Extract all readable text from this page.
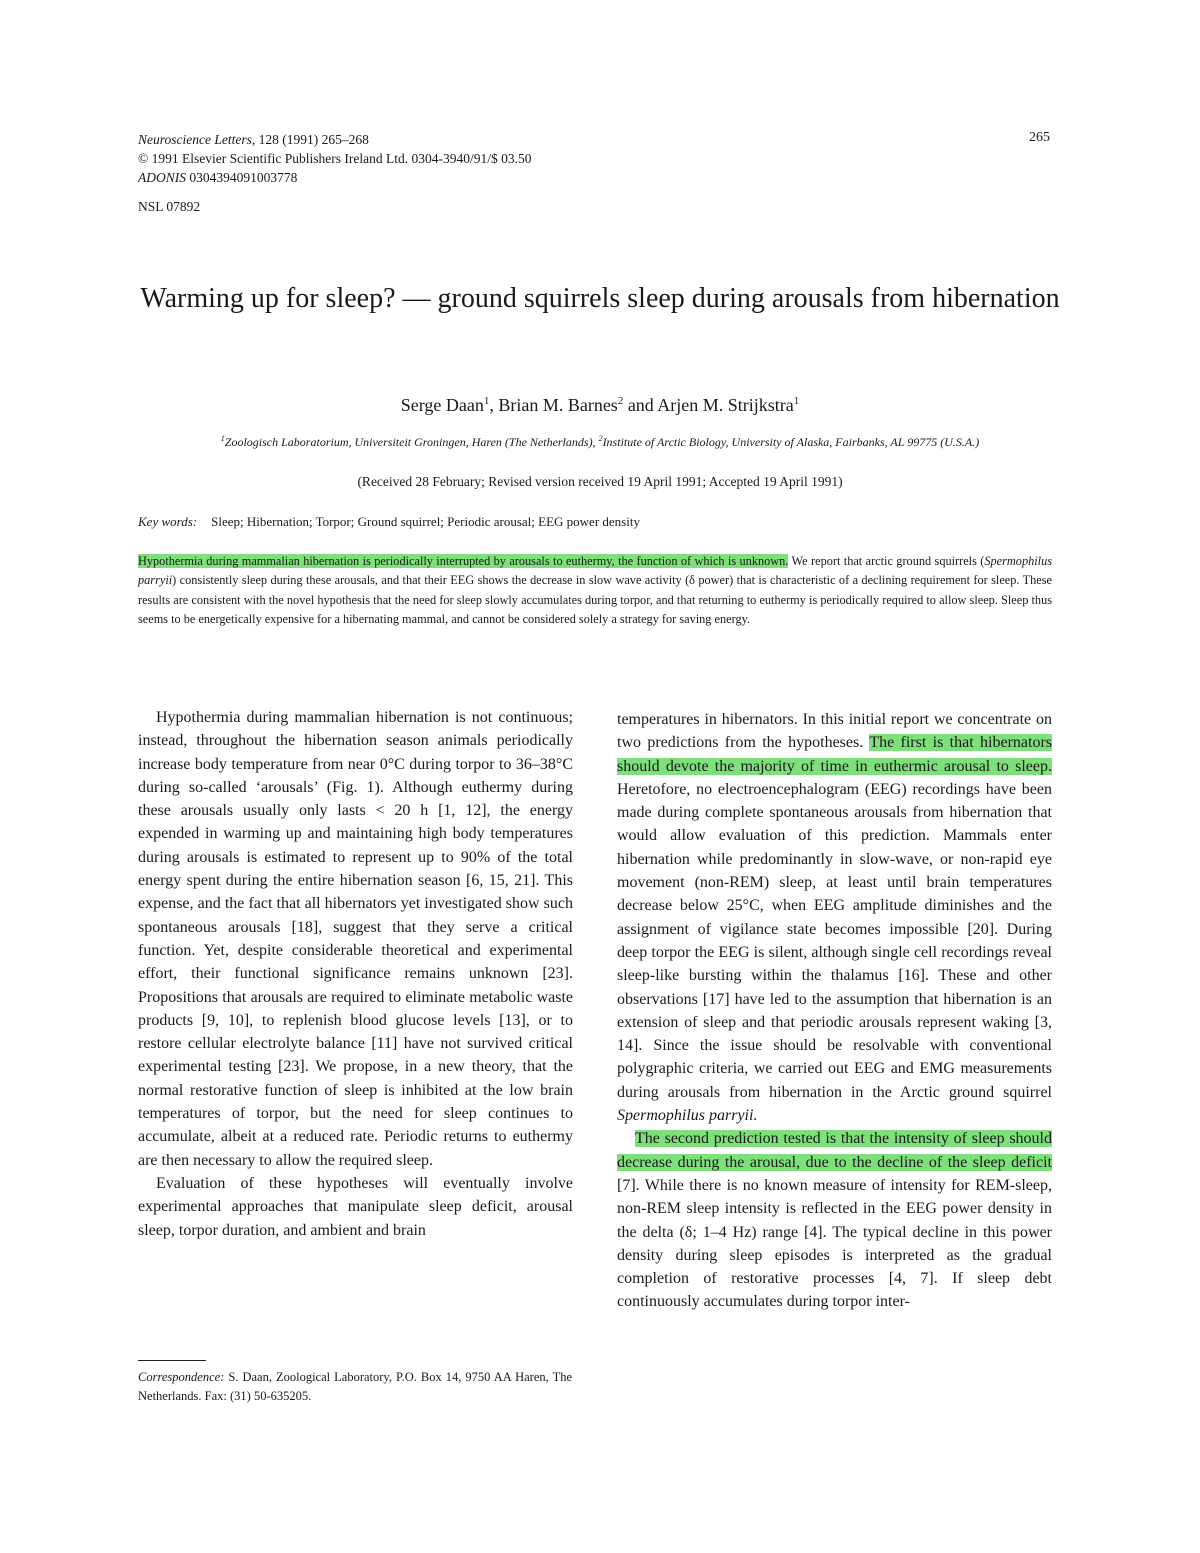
Neuroscience Letters, 128 (1991) 265–268
© 1991 Elsevier Scientific Publishers Ireland Ltd. 0304-3940/91/$ 03.50
ADONIS 0304394091003778
265
NSL 07892
Warming up for sleep? — ground squirrels sleep during arousals from hibernation
Serge Daan$^1$, Brian M. Barnes$^2$ and Arjen M. Strijkstra$^1$
$^1$Zoologisch Laboratorium, Universiteit Groningen, Haren (The Netherlands), $^2$Institute of Arctic Biology, University of Alaska, Fairbanks, AL 99775 (U.S.A.)
(Received 28 February; Revised version received 19 April 1991; Accepted 19 April 1991)
Key words: Sleep; Hibernation; Torpor; Ground squirrel; Periodic arousal; EEG power density
Hypothermia during mammalian hibernation is periodically interrupted by arousals to euthermy, the function of which is unknown. We report that arctic ground squirrels (Spermophilus parryii) consistently sleep during these arousals, and that their EEG shows the decrease in slow wave activity (δ power) that is characteristic of a declining requirement for sleep. These results are consistent with the novel hypothesis that the need for sleep slowly accumulates during torpor, and that returning to euthermy is periodically required to allow sleep. Sleep thus seems to be energetically expensive for a hibernating mammal, and cannot be considered solely a strategy for saving energy.

Hypothermia during mammalian hibernation is not continuous; instead, throughout the hibernation season animals periodically increase body temperature from near 0°C during torpor to 36–38°C during so-called ‘arousals’ (Fig. 1). Although euthermy during these arousals usually only lasts < 20 h [1, 12], the energy expended in warming up and maintaining high body temperatures during arousals is estimated to represent up to 90% of the total energy spent during the entire hibernation season [6, 15, 21]. This expense, and the fact that all hibernators yet investigated show such spontaneous arousals [18], suggest that they serve a critical function. Yet, despite considerable theoretical and experimental effort, their functional significance remains unknown [23]. Propositions that arousals are required to eliminate metabolic waste products [9, 10], to replenish blood glucose levels [13], or to restore cellular electrolyte balance [11] have not survived critical experimental testing [23]. We propose, in a new theory, that the normal restorative function of sleep is inhibited at the low brain temperatures of torpor, but the need for sleep continues to accumulate, albeit at a reduced rate. Periodic returns to euthermy are then necessary to allow the required sleep.

Evaluation of these hypotheses will eventually involve experimental approaches that manipulate sleep deficit, arousal sleep, torpor duration, and ambient and brain

temperatures in hibernators. In this initial report we concentrate on two predictions from the hypotheses. The first is that hibernators should devote the majority of time in euthermic arousal to sleep. Heretofore, no electroencephalogram (EEG) recordings have been made during complete spontaneous arousals from hibernation that would allow evaluation of this prediction. Mammals enter hibernation while predominantly in slow-wave, or non-rapid eye movement (non-REM) sleep, at least until brain temperatures decrease below 25°C, when EEG amplitude diminishes and the assignment of vigilance state becomes impossible [20]. During deep torpor the EEG is silent, although single cell recordings reveal sleep-like bursting within the thalamus [16]. These and other observations [17] have led to the assumption that hibernation is an extension of sleep and that periodic arousals represent waking [3, 14]. Since the issue should be resolvable with conventional polygraphic criteria, we carried out EEG and EMG measurements during arousals from hibernation in the Arctic ground squirrel Spermophilus parryii.

The second prediction tested is that the intensity of sleep should decrease during the arousal, due to the decline of the sleep deficit [7]. While there is no known measure of intensity for REM-sleep, non-REM sleep intensity is reflected in the EEG power density in the delta (δ; 1–4 Hz) range [4]. The typical decline in this power density during sleep episodes is interpreted as the gradual completion of restorative processes [4, 7]. If sleep debt continuously accumulates during torpor inter-

Correspondence: S. Daan, Zoological Laboratory, P.O. Box 14, 9750 AA Haren, The Netherlands. Fax: (31) 50-635205.
